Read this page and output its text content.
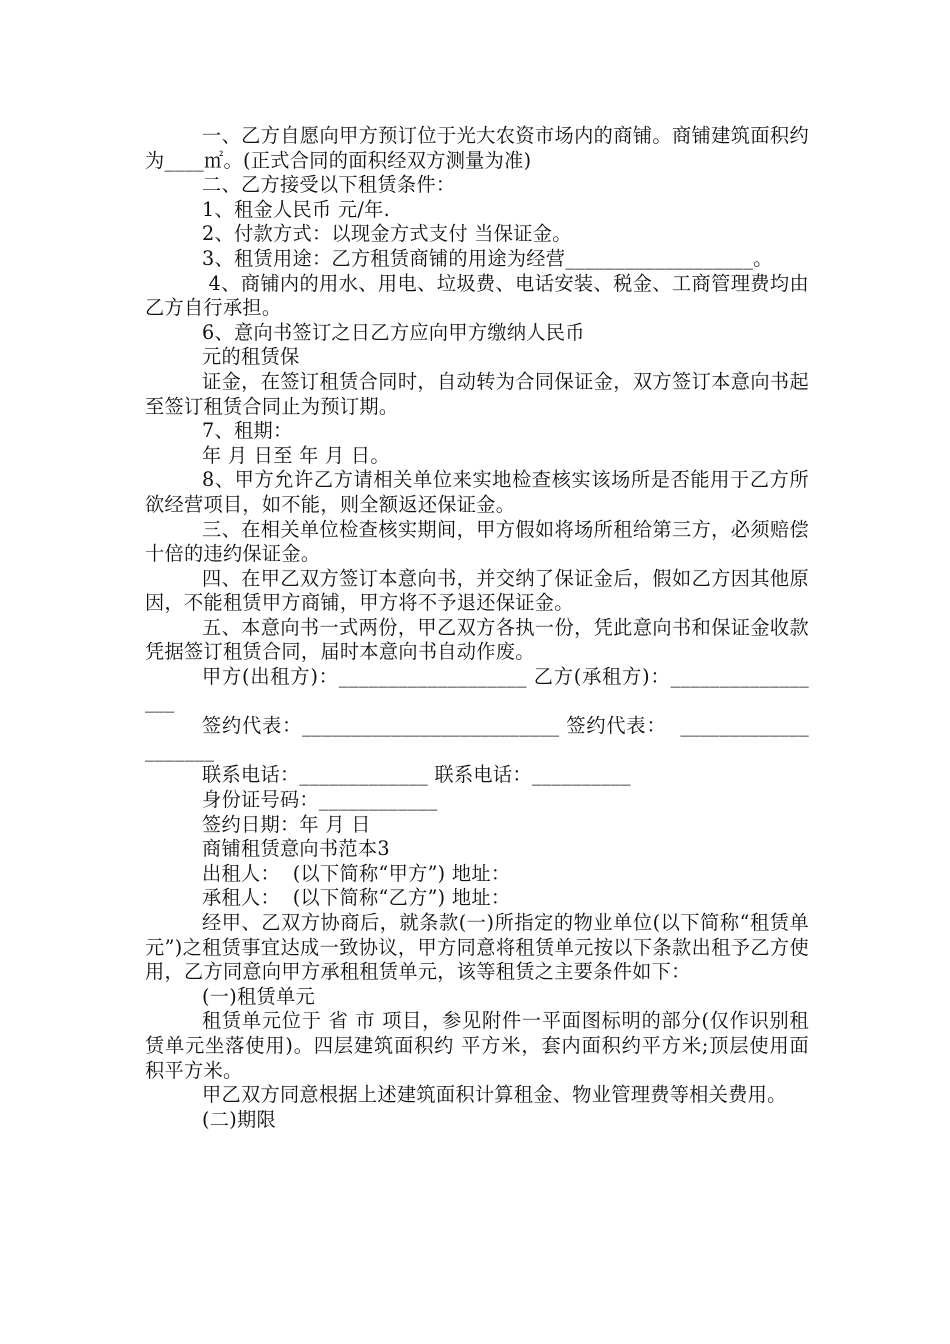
一、乙方自愿向甲方预订位于光大农资市场内的商铺。商铺建筑面积约为____㎡。(正式合同的面积经双方测量为准)

二、乙方接受以下租赁条件：

1、租金人民币 元/年.

2、付款方式：以现金方式支付 当保证金。

3、租赁用途：乙方租赁商铺的用途为经营___________________。

4、商铺内的用水、用电、垃圾费、电话安装、税金、工商管理费均由乙方自行承担。

6、意向书签订之日乙方应向甲方缴纳人民币

元的租赁保

证金，在签订租赁合同时，自动转为合同保证金，双方签订本意向书起至签订租赁合同止为预订期。

7、租期：

年 月 日至 年 月 日。

8、甲方允许乙方请相关单位来实地检查核实该场所是否能用于乙方所欲经营项目，如不能，则全额返还保证金。

三、在相关单位检查核实期间，甲方假如将场所租给第三方，必须赔偿十倍的违约保证金。

四、在甲乙双方签订本意向书，并交纳了保证金后，假如乙方因其他原因，不能租赁甲方商铺，甲方将不予退还保证金。

五、本意向书一式两份，甲乙双方各执一份，凭此意向书和保证金收款凭据签订租赁合同，届时本意向书自动作废。

甲方(出租方)：___________________ 乙方(承租方)：_________________

签约代表：__________________________ 签约代表：  ____________________

联系电话：_____________ 联系电话：__________

身份证号码：____________

签约日期：年 月 日

商铺租赁意向书范本3

出租人：  (以下简称“甲方”) 地址：

承租人：  (以下简称“乙方”) 地址：

经甲、乙双方协商后，就条款(一)所指定的物业单位(以下简称“租赁单元”)之租赁事宜达成一致协议，甲方同意将租赁单元按以下条款出租予乙方使用，乙方同意向甲方承租租赁单元，该等租赁之主要条件如下：

(一)租赁单元

租赁单元位于 省 市 项目，参见附件一平面图标明的部分(仅作识别租赁单元坐落使用)。四层建筑面积约 平方米，套内面积约平方米;顶层使用面积平方米。

甲乙双方同意根据上述建筑面积计算租金、物业管理费等相关费用。

(二)期限
